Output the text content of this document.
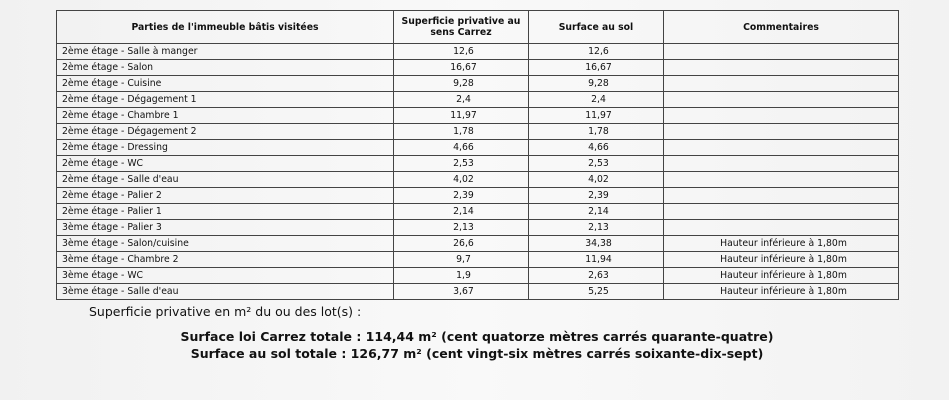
Parties de l'immeuble bâtis visitées	Superficie privative au sens Carrez	Surface au sol	Commentaires
2ème étage - Salle à manger	12,6	12,6	
2ème étage - Salon	16,67	16,67	
2ème étage - Cuisine	9,28	9,28	
2ème étage - Dégagement 1	2,4	2,4	
2ème étage - Chambre 1	11,97	11,97	
2ème étage - Dégagement 2	1,78	1,78	
2ème étage - Dressing	4,66	4,66	
2ème étage - WC	2,53	2,53	
2ème étage - Salle d'eau	4,02	4,02	
2ème étage - Palier 2	2,39	2,39	
2ème étage - Palier 1	2,14	2,14	
3ème étage - Palier 3	2,13	2,13	
3ème étage - Salon/cuisine	26,6	34,38	Hauteur inférieure à 1,80m
3ème étage - Chambre 2	9,7	11,94	Hauteur inférieure à 1,80m
3ème étage - WC	1,9	2,63	Hauteur inférieure à 1,80m
3ème étage - Salle d'eau	3,67	5,25	Hauteur inférieure à 1,80m
Superficie privative en m² du ou des lot(s) :
Surface loi Carrez totale : 114,44 m² (cent quatorze mètres carrés quarante-quatre)
Surface au sol totale : 126,77 m² (cent vingt-six mètres carrés soixante-dix-sept)
